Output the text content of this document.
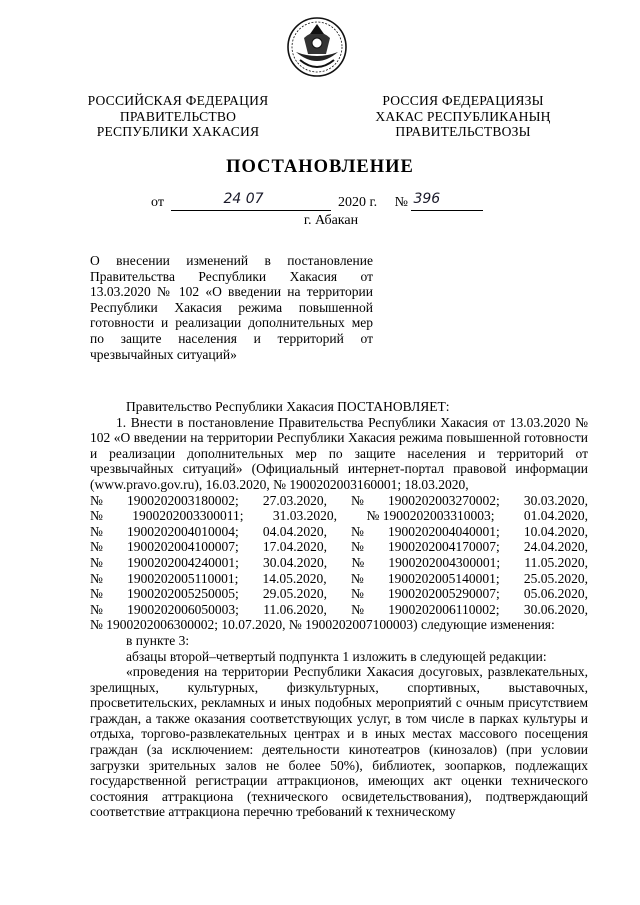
РОССИЙСКАЯ ФЕДЕРАЦИЯ
ПРАВИТЕЛЬСТВО
РЕСПУБЛИКИ ХАКАСИЯ
РОССИЯ ФЕДЕРАЦИЯЗЫ
ХАКАС РЕСПУБЛИКАНЫҢ
ПРАВИТЕЛЬСТВОЗЫ
ПОСТАНОВЛЕНИЕ
от	24 07	2020 г. № 396
г. Абакан
О внесении изменений в постановление Правительства Республики Хакасия от 13.03.2020 № 102 «О введении на территории Республики Хакасия режима повышенной готовности и реализации дополнительных мер по защите населения и территорий от чрезвычайных ситуаций»

Правительство Республики Хакасия ПОСТАНОВЛЯЕТ:

1. Внести в постановление Правительства Республики Хакасия от 13.03.2020 № 102 «О введении на территории Республики Хакасия режима повышенной готовности и реализации дополнительных мер по защите населения и территорий от чрезвычайных ситуаций» (Официальный интернет-портал правовой информации (www.pravo.gov.ru), 16.03.2020, № 1900202003160001; 18.03.2020,

№ 1900202003180002; 27.03.2020, № 1900202003270002; 30.03.2020,
№ 1900202003300011; 31.03.2020, № 1900202003310003; 01.04.2020,
№ 1900202004010004; 04.04.2020, № 1900202004040001; 10.04.2020,
№ 1900202004100007; 17.04.2020, № 1900202004170007; 24.04.2020,
№ 1900202004240001; 30.04.2020, № 1900202004300001; 11.05.2020,
№ 1900202005110001; 14.05.2020, № 1900202005140001; 25.05.2020,
№ 1900202005250005; 29.05.2020, № 1900202005290007; 05.06.2020,
№ 1900202006050003; 11.06.2020, № 1900202006110002; 30.06.2020,

№ 1900202006300002; 10.07.2020, № 1900202007100003) следующие изменения:

в пункте 3:

абзацы второй–четвертый подпункта 1 изложить в следующей редакции:

«проведения на территории Республики Хакасия досуговых, развлекательных, зрелищных, культурных, физкультурных, спортивных, выставочных, просветительских, рекламных и иных подобных мероприятий с очным присутствием граждан, а также оказания соответствующих услуг, в том числе в парках культуры и отдыха, торгово-развлекательных центрах и в иных местах массового посещения граждан (за исключением: деятельности кинотеатров (кинозалов) (при условии загрузки зрительных залов не более 50%), библиотек, зоопарков, подлежащих государственной регистрации аттракционов, имеющих акт оценки технического состояния аттракциона (технического освидетельствования), подтверждающий соответствие аттракциона перечню требований к техническому
